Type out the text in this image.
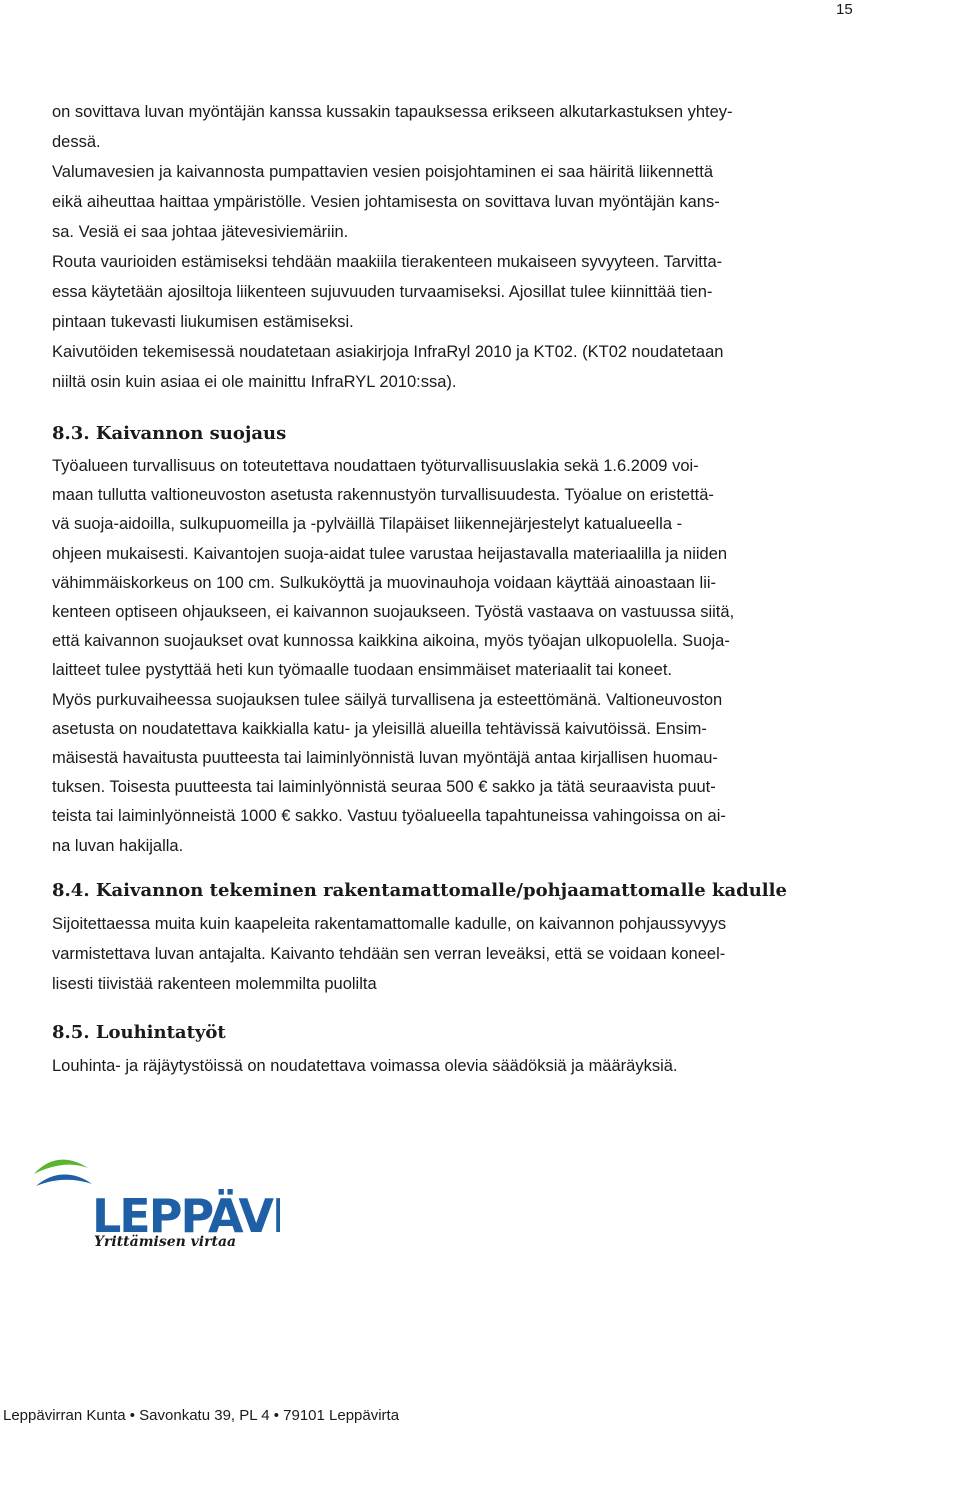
15
on sovittava luvan myöntäjän kanssa kussakin tapauksessa erikseen alkutarkastuksen yhtey-
dessä.
Valumavesien ja kaivannosta pumpattavien vesien poisjohtaminen ei saa häiritä liikennettä
eikä aiheuttaa haittaa ympäristölle. Vesien johtamisesta on sovittava luvan myöntäjän kans-
sa. Vesiä ei saa johtaa jätevesiviemäriin.
Routa vaurioiden estämiseksi tehdään maakiila tierakenteen mukaiseen syvyyteen. Tarvitta-
essa käytetään ajosiltoja liikenteen sujuvuuden turvaamiseksi. Ajosillat tulee kiinnittää tien-
pintaan tukevasti liukumisen estämiseksi.
Kaivutöiden tekemisessä noudatetaan asiakirjoja InfraRyl 2010 ja KT02. (KT02 noudatetaan
niiltä osin kuin asiaa ei ole mainittu InfraRYL 2010:ssa).
8.3. Kaivannon suojaus
Työalueen turvallisuus on toteutettava noudattaen työturvallisuuslakia sekä 1.6.2009 voi-
maan tullutta valtioneuvoston asetusta rakennustyön turvallisuudesta. Työalue on eristettä-
vä suoja-aidoilla, sulkupuomeilla ja -pylväillä Tilapäiset liikennejärjestelyt katualueella -
ohjeen mukaisesti. Kaivantojen suoja-aidat tulee varustaa heijastavalla materiaalilla ja niiden
vähimmäiskorkeus on 100 cm. Sulkuköyttä ja muovinauhoja voidaan käyttää ainoastaan lii-
kenteen optiseen ohjaukseen, ei kaivannon suojaukseen. Työstä vastaava on vastuussa siitä,
että kaivannon suojaukset ovat kunnossa kaikkina aikoina, myös työajan ulkopuolella. Suoja-
laitteet tulee pystyttää heti kun työmaalle tuodaan ensimmäiset materiaalit tai koneet.
Myös purkuvaiheessa suojauksen tulee säilyä turvallisena ja esteettömänä. Valtioneuvoston
asetusta on noudatettava kaikkialla katu- ja yleisillä alueilla tehtävissä kaivutöissä. Ensim-
mäisestä havaitusta puutteesta tai laiminlyönnistä luvan myöntäjä antaa kirjallisen huomau-
tuksen. Toisesta puutteesta tai laiminlyönnistä seuraa 500 € sakko ja tätä seuraavista puut-
teista tai laiminlyönneistä 1000 € sakko. Vastuu työalueella tapahtuneissa vahingoissa on ai-
na luvan hakijalla.
8.4. Kaivannon tekeminen rakentamattomalle/pohjaamattomalle kadulle
Sijoitettaessa muita kuin kaapeleita rakentamattomalle kadulle, on kaivannon pohjaussyvyys
varmistettava luvan antajalta. Kaivanto tehdään sen verran leveäksi, että se voidaan koneel-
lisesti tiivistää rakenteen molemmilta puolilta
8.5. Louhintatyöt
Louhinta- ja räjäytystöissä on noudatettava voimassa olevia säädöksiä ja määräyksiä.
LEPPÄV
Yrittämisen virtaa
Leppävirran Kunta • Savonkatu 39, PL 4 • 79101 Leppävirta
